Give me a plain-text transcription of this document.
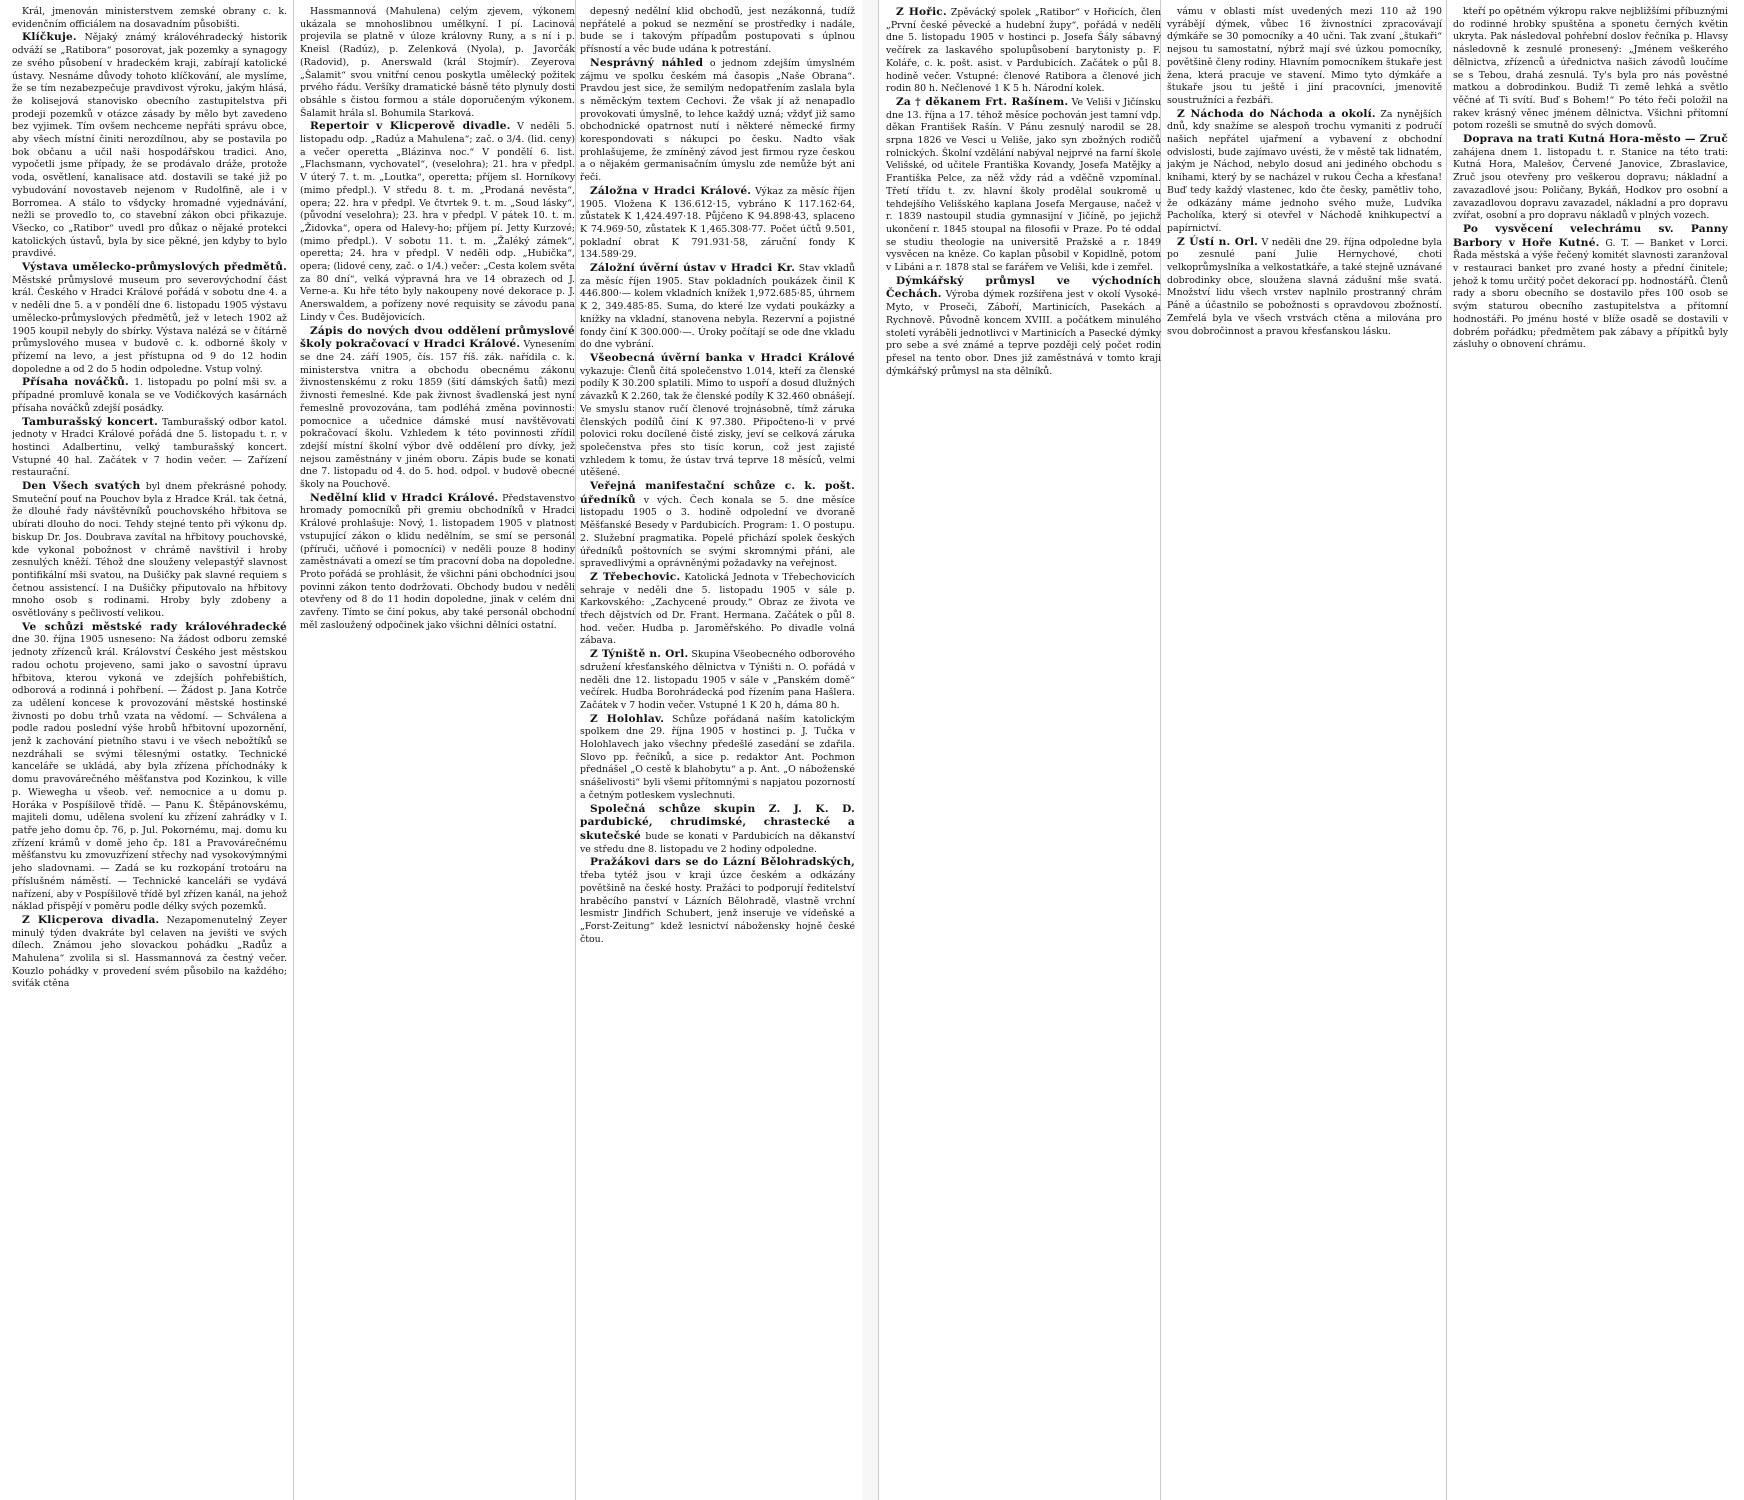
Král, jmenován ministerstvem zemské obrany c. k. evidenčním officiálem na dosavadním působišti.

Klíčkuje. Nějaký známý královéhradecký historik odváží se „Ratibora“ posorovat, jak pozemky a synagogy ze svého působení v hradeckém kraji, zabírají katolické ústavy. Nesnáme důvody tohoto klíčkování, ale myslíme, že se tím nezabezpečuje pravdivost výroku, jakým hlásá, že kolisejová stanovisko obecního zastupitelstva při prodeji pozemků v otázce zásady by mělo byt zavedeno bez vyjimek. Tím ovšem nechceme nepřáti správu obce, aby všech místní činiti nerozdílnou, aby se postavila po bok občanu a učil naši hospodářskou tradici. Ano, vypočetli jsme případy, že se prodávalo dráže, protože voda, osvětlení, kanalisace atd. dostavili se také již po vybudování novostaveb nejenom v Rudolfině, ale i v Borromea. A stálo to všdycky hromadné vyjednávání, nežli se provedlo to, co stavební zákon obci přikazuje. Všecko, co „Ratibor“ uvedl pro důkaz o nějaké protekci katolických ústavů, byla by sice pěkné, jen kdyby to bylo pravdivé.

Výstava umělecko-průmyslových předmětů. Městské průmyslové museum pro severovýchodní část král. Českého v Hradci Králové pořádá v sobotu dne 4. a v neděli dne 5. a v pondělí dne 6. listopadu 1905 výstavu umělecko-průmyslových předmětů, jež v letech 1902 až 1905 koupil nebyly do sbírky. Výstava nalézá se v čítárně průmyslového musea v budově c. k. odborné školy v přízemí na levo, a jest přístupna od 9 do 12 hodin dopoledne a od 2 do 5 hodin odpoledne. Vstup volný.

Přísaha nováčků. 1. listopadu po polní mši sv. a případné promluvě konala se ve Vodičkových kasárnách přísaha nováčků zdejší posádky.

Tamburašský koncert. Tamburašský odbor katol. jednoty v Hradci Králové pořádá dne 5. listopadu t. r. v hostinci Adalbertinu, velký tamburašský koncert. Vstupné 40 hal. Začátek v 7 hodin večer. — Zařízení restaurační.

Den Všech svatých byl dnem překrásné pohody. Smuteční pouť na Pouchov byla z Hradce Král. tak četná, že dlouhé řady návštěvníků pouchovského hřbitova se ubírati dlouho do noci. Tehdy stejné tento při výkonu dp. biskup Dr. Jos. Doubrava zavítal na hřbitovy pouchovské, kde vykonal pobožnost v chrámě navštívil i hroby zesnulých kněží. Téhož dne slouženy velepastýř slavnost pontifikální mši svatou, na Dušičky pak slavné requiem s četnou assistencí. I na Dušičky připutovalo na hřbitovy mnoho osob s rodinami. Hroby byly zdobeny a osvětlovány s pečlivostí velikou.

Ve schůzi městské rady královéhradecké dne 30. října 1905 usneseno: Na žádost odboru zemské jednoty zřízenců král. Království Českého jest městskou radou ochotu projeveno, sami jako o savostní úpravu hřbitova, kterou vykoná ve zdejších pohřebištích, odborová a rodinná i pohřbení. — Žádost p. Jana Kotrče za udělení koncese k provozování městské hostinské živnosti po dobu trhů vzata na vědomí. — Schválena a podle radou poslední výše hrobů hřbitovní upozornění, jenž k zachování pietního stavu i ve všech nebožtíků se nezdráhali se svými tělesnými ostatky. Technické kanceláře se ukládá, aby byla zřízena příchodnáky k domu pravovárečného měšťanstva pod Kozinkou, k ville p. Wiewegha u všeob. veř. nemocnice a u domu p. Horáka v Pospíšilově třídě. — Panu K. Štěpánovskému, majiteli domu, udělena svolení ku zřízení zahrádky v I. patře jeho domu čp. 76, p. Jul. Pokornému, maj. domu ku zřízení krámů v domě jeho čp. 181 a Pravovárečnému měšťanstvu ku zmovuzřízení střechy nad vysokovýmnými jeho sladovnami. — Zadá se ku rozkopání trotoáru na příslušném náměstí. — Technické kanceláři se vydává nařízení, aby v Pospíšilově třídě byl zřízen kanál, na jehož náklad přispějí v poměru podle délky svých pozemků.

Z Klicperova divadla. Nezapomenutelný Zeyer minulý týden dvakráte byl celaven na jevišti ve svých dílech. Známou jeho slovackou pohádku „Radůz a Mahulena“ zvolila si sl. Hassmannová za čestný večer. Kouzlo pohádky v provedení svém působilo na každého; sviťák ctěna

Hassmannová (Mahulena) celým zjevem, výkonem ukázala se mnohoslibnou umělkyní. I pí. Lacinová projevila se platně v úloze královny Runy, a s ní i p. Kneisl (Radúz), p. Zelenková (Nyola), p. Javorčák (Radovid), p. Anerswald (král Stojmír). Zeyerova „Šalamit“ svou vnitřní cenou poskytla umělecký požitek prvého řádu. Veršíky dramatické básně této plynuly dosti obsáhle s čistou formou a stále doporučeným výkonem. Šalamit hrála sl. Bohumila Starková.

Repertoir v Klicperově divadle. V neděli 5. listopadu odp. „Radúz a Mahulena“; zač. o 3/4. (lid. ceny) a večer operetta „Blázinva noc.“ V pondělí 6. list. „Flachsmann, vychovatel“, (veselohra); 21. hra v předpl. V úterý 7. t. m. „Loutka“, operetta; příjem sl. Horníkovy (mimo předpl.). V středu 8. t. m. „Prodaná nevěsta“, opera; 22. hra v předpl. Ve čtvrtek 9. t. m. „Soud lásky“, (původní veselohra); 23. hra v předpl. V pátek 10. t. m. „Židovka“, opera od Halevy-ho; příjem pí. Jetty Kurzové; (mimo předpl.). V sobotu 11. t. m. „Žaléký zámek“, operetta; 24. hra v předpl. V neděli odp. „Hubička“, opera; (lidové ceny, zač. o 1/4.) večer: „Cesta kolem světa za 80 dní“, velká výpravná hra ve 14 obrazech od J. Verne-a. Ku hře této byly nakoupeny nové dekorace p. J. Anerswaldem, a pořízeny nové requisity se závodu pana Lindy v Čes. Budějovicích.

Zápis do nových dvou oddělení průmyslové školy pokračovací v Hradci Králové. Vynesením se dne 24. září 1905, čís. 157 říš. zák. nařídila c. k. ministerstva vnitra a obchodu obecnému zákonu živnostenskému z roku 1859 (šití dámských šatů) mezi živnosti řemeslné. Kde pak živnost švadlenská jest nyní řemeslně provozována, tam podléhá změna povinnosti: pomocnice a učednice dámské musí navštěvovati pokračovací školu. Vzhledem k této povinnosti zřídil zdejší místní školní výbor dvě oddělení pro dívky, jež nejsou zaměstnány v jiném oboru. Zápis bude se konati dne 7. listopadu od 4. do 5. hod. odpol. v budově obecné školy na Pouchově.

Nedělní klid v Hradci Králové. Představenstvo hromady pomocníků při gremiu obchodníků v Hradci Králové prohlašuje: Nový, 1. listopadem 1905 v platnost vstupující zákon o klidu nedělním, se smí se personál (příruči, učňové i pomocníci) v neděli pouze 8 hodiny zaměstnávati a omezí se tím pracovní doba na dopoledne. Proto pořádá se prohlásit, že všichni páni obchodníci jsou povinni zákon tento dodržovati. Obchody budou v neděli otevřeny od 8 do 11 hodin dopoledne, jinak v celém dni zavřeny. Tímto se činí pokus, aby také personál obchodní měl zasloužený odpočinek jako všichni dělníci ostatní.

depesný nedělní klid obchodů, jest nezákonná, tudíž nepřátelé a pokud se nezmění se prostředky i nadále, bude se i takovým případům postupovati s úplnou přísností a věc bude udána k potrestání.

Nesprávný náhled o jednom zdejším úmyslném zájmu ve spolku českém má časopis „Naše Obrana“. Pravdou jest sice, že semilým nedopatřením zaslala byla s něměckým textem Cechovi. Že však jí až nenapadlo provokovati úmyslně, to lehce každý uzná; vždyť již samo obchodnické opatrnost nutí i některé německé firmy korespondovati s nákupci po česku. Nadto však prohlašujeme, že zmíněný závod jest firmou ryze českou a o nějakém germanisačním úmyslu zde nemůže být ani řeči.

Záložna v Hradci Králové. Výkaz za měsíc říjen 1905. Vložena K 136.612·15, vybráno K 117.162·64, zůstatek K 1,424.497·18. Půjčeno K 94.898·43, splaceno K 74.969·50, zůstatek K 1,465.308·77. Počet účtů 9.501, pokladní obrat K 791.931·58, záruční fondy K 134.589·29.

Záložní úvěrní ústav v Hradci Kr. Stav vkladů za měsíc říjen 1905. Stav pokladních poukázek činil K 446.800·— kolem vkladních knížek 1,972.685·85, úhrnem K 2, 349.485·85. Suma, do které lze vydati poukázky a knížky na vkladní, stanovena nebyla. Rezervní a pojistné fondy činí K 300.000·—. Úroky počítají se ode dne vkladu do dne vybrání.

Všeobecná úvěrní banka v Hradci Králové vykazuje: Členů čítá společenstvo 1.014, kteří za členské podíly K 30.200 splatili. Mimo to uspoří a dosud dlužných závazků K 2.260, tak že členské podíly K 32.460 obnášejí. Ve smyslu stanov ručí členové trojnásobně, tímž záruka členských podílů činí K 97.380. Připočteno-li v prvé polovici roku docílené čisté zisky, jeví se celková záruka společenstva přes sto tisíc korun, což jest zajisté vzhledem k tomu, že ústav trvá teprve 18 měsíců, velmi utěšené.

Veřejná manifestační schůze c. k. pošt. úředníků v vých. Čech konala se 5. dne měsíce listopadu 1905 o 3. hodině odpolední ve dvoraně Měšťanské Besedy v Pardubicích. Program: 1. O postupu. 2. Služební pragmatika. Popelé přichází spolek českých úředníků poštovních se svými skromnými přáni, ale spravedlivými a oprávněnými požadavky na veřejnost.

Z Třebechovic. Katolická Jednota v Třebechovicích sehraje v neděli dne 5. listopadu 1905 v sále p. Karkovského: „Zachycené proudy.“ Obraz ze života ve třech dějstvích od Dr. Frant. Hermana. Začátek o půl 8. hod. večer. Hudba p. Jaroměřského. Po divadle volná zábava.

Z Týniště n. Orl. Skupina Všeobecného odborového sdružení křesťanského dělnictva v Týništi n. O. pořádá v neděli dne 12. listopadu 1905 v sále v „Panském domě“ večírek. Hudba Borohrádecká pod řízením pana Hašlera. Začátek v 7 hodin večer. Vstupné 1 K 20 h, dáma 80 h.

Z Holohlav. Schůze pořádaná naším katolickým spolkem dne 29. října 1905 v hostinci p. J. Tučka v Holohlavech jako všechny předešlé zasedání se zdařila. Slovo pp. řečníků, a sice p. redaktor Ant. Pochmon přednášel „O cestě k blahobytu“ a p. Ant. „O náboženské snášelivosti“ byli všemi přítomnými s napjatou pozorností a četným potleskem vyslechnuti.

Společná schůze skupin Z. J. K. D. pardubické, chrudimské, chrastecké a skutečské bude se konati v Pardubicích na děkanství ve středu dne 8. listopadu ve 2 hodiny odpoledne.

Pražákovi dars se do Lázní Bělohradských, třeba tytéž jsou v kraji úzce českém a odkázány povětšině na české hosty. Pražáci to podporují ředitelství hraběcího panství v Lázních Bělohradě, vlastně vrchní lesmistr Jindřich Schubert, jenž inseruje ve vídeňské a „Forst-Zeitung“ kdež lesnictví nábožensky hojně české čtou.

Z Hořic. Zpěvácký spolek „Ratibor“ v Hořicích, člen „První české pěvecké a hudební župy“, pořádá v neděli dne 5. listopadu 1905 v hostinci p. Josefa Šály sábavný večírek za laskavého spolupůsobení barytonisty p. F. Koláře, c. k. pošt. asist. v Pardubicích. Začátek o půl 8. hodině večer. Vstupné: členové Ratibora a členové jich rodin 80 h. Nečlenové 1 K 5 h. Národní kolek.

Za † děkanem Frt. Rašínem. Ve Veliši v Jičínsku dne 13. října a 17. téhož měsíce pochován jest tamní vdp. děkan František Rašín. V Pánu zesnulý narodil se 28. srpna 1826 ve Vesci u Veliše, jako syn zbožných rodičů rolnických. Školní vzdělání nabýval nejprvé na farní škole Velišské, od učitele Františka Kovandy, Josefa Matějky a Františka Pelce, za něž vždy rád a vděčně vzpomínal. Třetí třídu t. zv. hlavní školy prodělal soukromě u tehdejšího Velišského kaplana Josefa Mergause, načež v r. 1839 nastoupil studia gymnasijní v Jičíně, po jejichž ukončení r. 1845 stoupal na filosofii v Praze. Po té oddal se studiu theologie na universitě Pražské a r. 1849 vysvěcen na kněze. Co kaplan působil v Kopidlně, potom v Libáni a r. 1878 stal se farářem ve Veliši, kde i zemřel.

Dýmkářský průmysl ve východních Čechách. Výroba dýmek rozšířena jest v okolí Vysoké-Myto, v Proseči, Záboří, Martinicích, Pasekách a Rychnově. Původně koncem XVIII. a počátkem minulého století vyráběli jednotlivci v Martinicích a Pasecké dýmky pro sebe a své známé a teprve později celý počet rodin přesel na tento obor. Dnes již zaměstnává v tomto kraji dýmkářský průmysl na sta dělníků.

vámu v oblasti míst uvedených mezi 110 až 190 vyrábějí dýmek, vůbec 16 živnostníci zpracovávají dýmkáře se 30 pomocníky a 40 učni. Tak zvaní „štukaři“ nejsou tu samostatní, nýbrž mají své úzkou pomocníky, povětšině členy rodiny. Hlavním pomocníkem štukaře jest žena, která pracuje ve stavení. Mimo tyto dýmkáře a štukaře jsou tu ještě i jiní pracovníci, jmenovitě soustružníci a řezbáři.

Z Náchoda do Náchoda a okolí. Za nynějších dnů, kdy snažíme se alespoň trochu vymaniti z područí našich nepřátel ujařmení a vybavení z obchodní odvislosti, bude zajímavo uvésti, že v městě tak lidnatém, jakým je Náchod, nebylo dosud ani jediného obchodu s knihami, který by se nacházel v rukou Čecha a křesťana! Buď tedy každý vlastenec, kdo čte česky, pamětliv toho, že odkázány máme jednoho svého muže, Ludvíka Pacholíka, který si otevřel v Náchodě knihkupectví a papírnictví.

Z Ústí n. Orl. V neděli dne 29. října odpoledne byla po zesnulé paní Julie Hernychové, choti velkoprůmyslníka a velkostatkáře, a také stejně uznávané dobrodinky obce, sloužena slavná zádušní mše svatá. Množství lidu všech vrstev naplnilo prostranný chrám Páně a účastnilo se pobožnosti s opravdovou zbožností. Zemřelá byla ve všech vrstvách ctěna a milována pro svou dobročinnost a pravou křesťanskou lásku.

kteří po opětném výkropu rakve nejbližšími příbuznými do rodinné hrobky spuštěna a sponetu černých květin ukryta. Pak následoval pohřební doslov řečníka p. Hlavsy následovně k zesnulé pronesený: „Jménem veškerého dělnictva, zřízenců a úřednictva našich závodů loučíme se s Tebou, drahá zesnulá. Ty's byla pro nás pověstné matkou a dobrodinkou. Budiž Ti země lehká a světlo věčné ať Ti svítí. Buď s Bohem!“ Po této řeči položil na rakev krásný věnec jménem dělnictva. Všichni přítomní potom rozešli se smutně do svých domovů.

Doprava na trati Kutná Hora-město — Zruč zahájena dnem 1. listopadu t. r. Stanice na této trati: Kutná Hora, Malešov, Červené Janovice, Zbraslavice, Zruč jsou otevřeny pro veškerou dopravu; nákladní a zavazadlové jsou: Poličany, Bykáň, Hodkov pro osobní a zavazadlovou dopravu zavazadel, nákladní a pro dopravu zvířat, osobní a pro dopravu nákladů v plných vozech.

Po vysvěcení velechrámu sv. Panny Barbory v Hoře Kutné. G. T. — Banket v Lorci. Řada městská a výše řečený komitét slavnosti zaranžoval v restauraci banket pro zvané hosty a přední činitele; jehož k tomu určitý počet dekorací pp. hodnostářů. Členů rady a sboru obecního se dostavilo přes 100 osob se svým staturou obecního zastupitelstva a přítomní hodnostáři. Po jménu hosté v blíže osadě se dostavili v dobrém pořádku; předmětem pak zábavy a přípitků byly zásluhy o obnovení chrámu.
